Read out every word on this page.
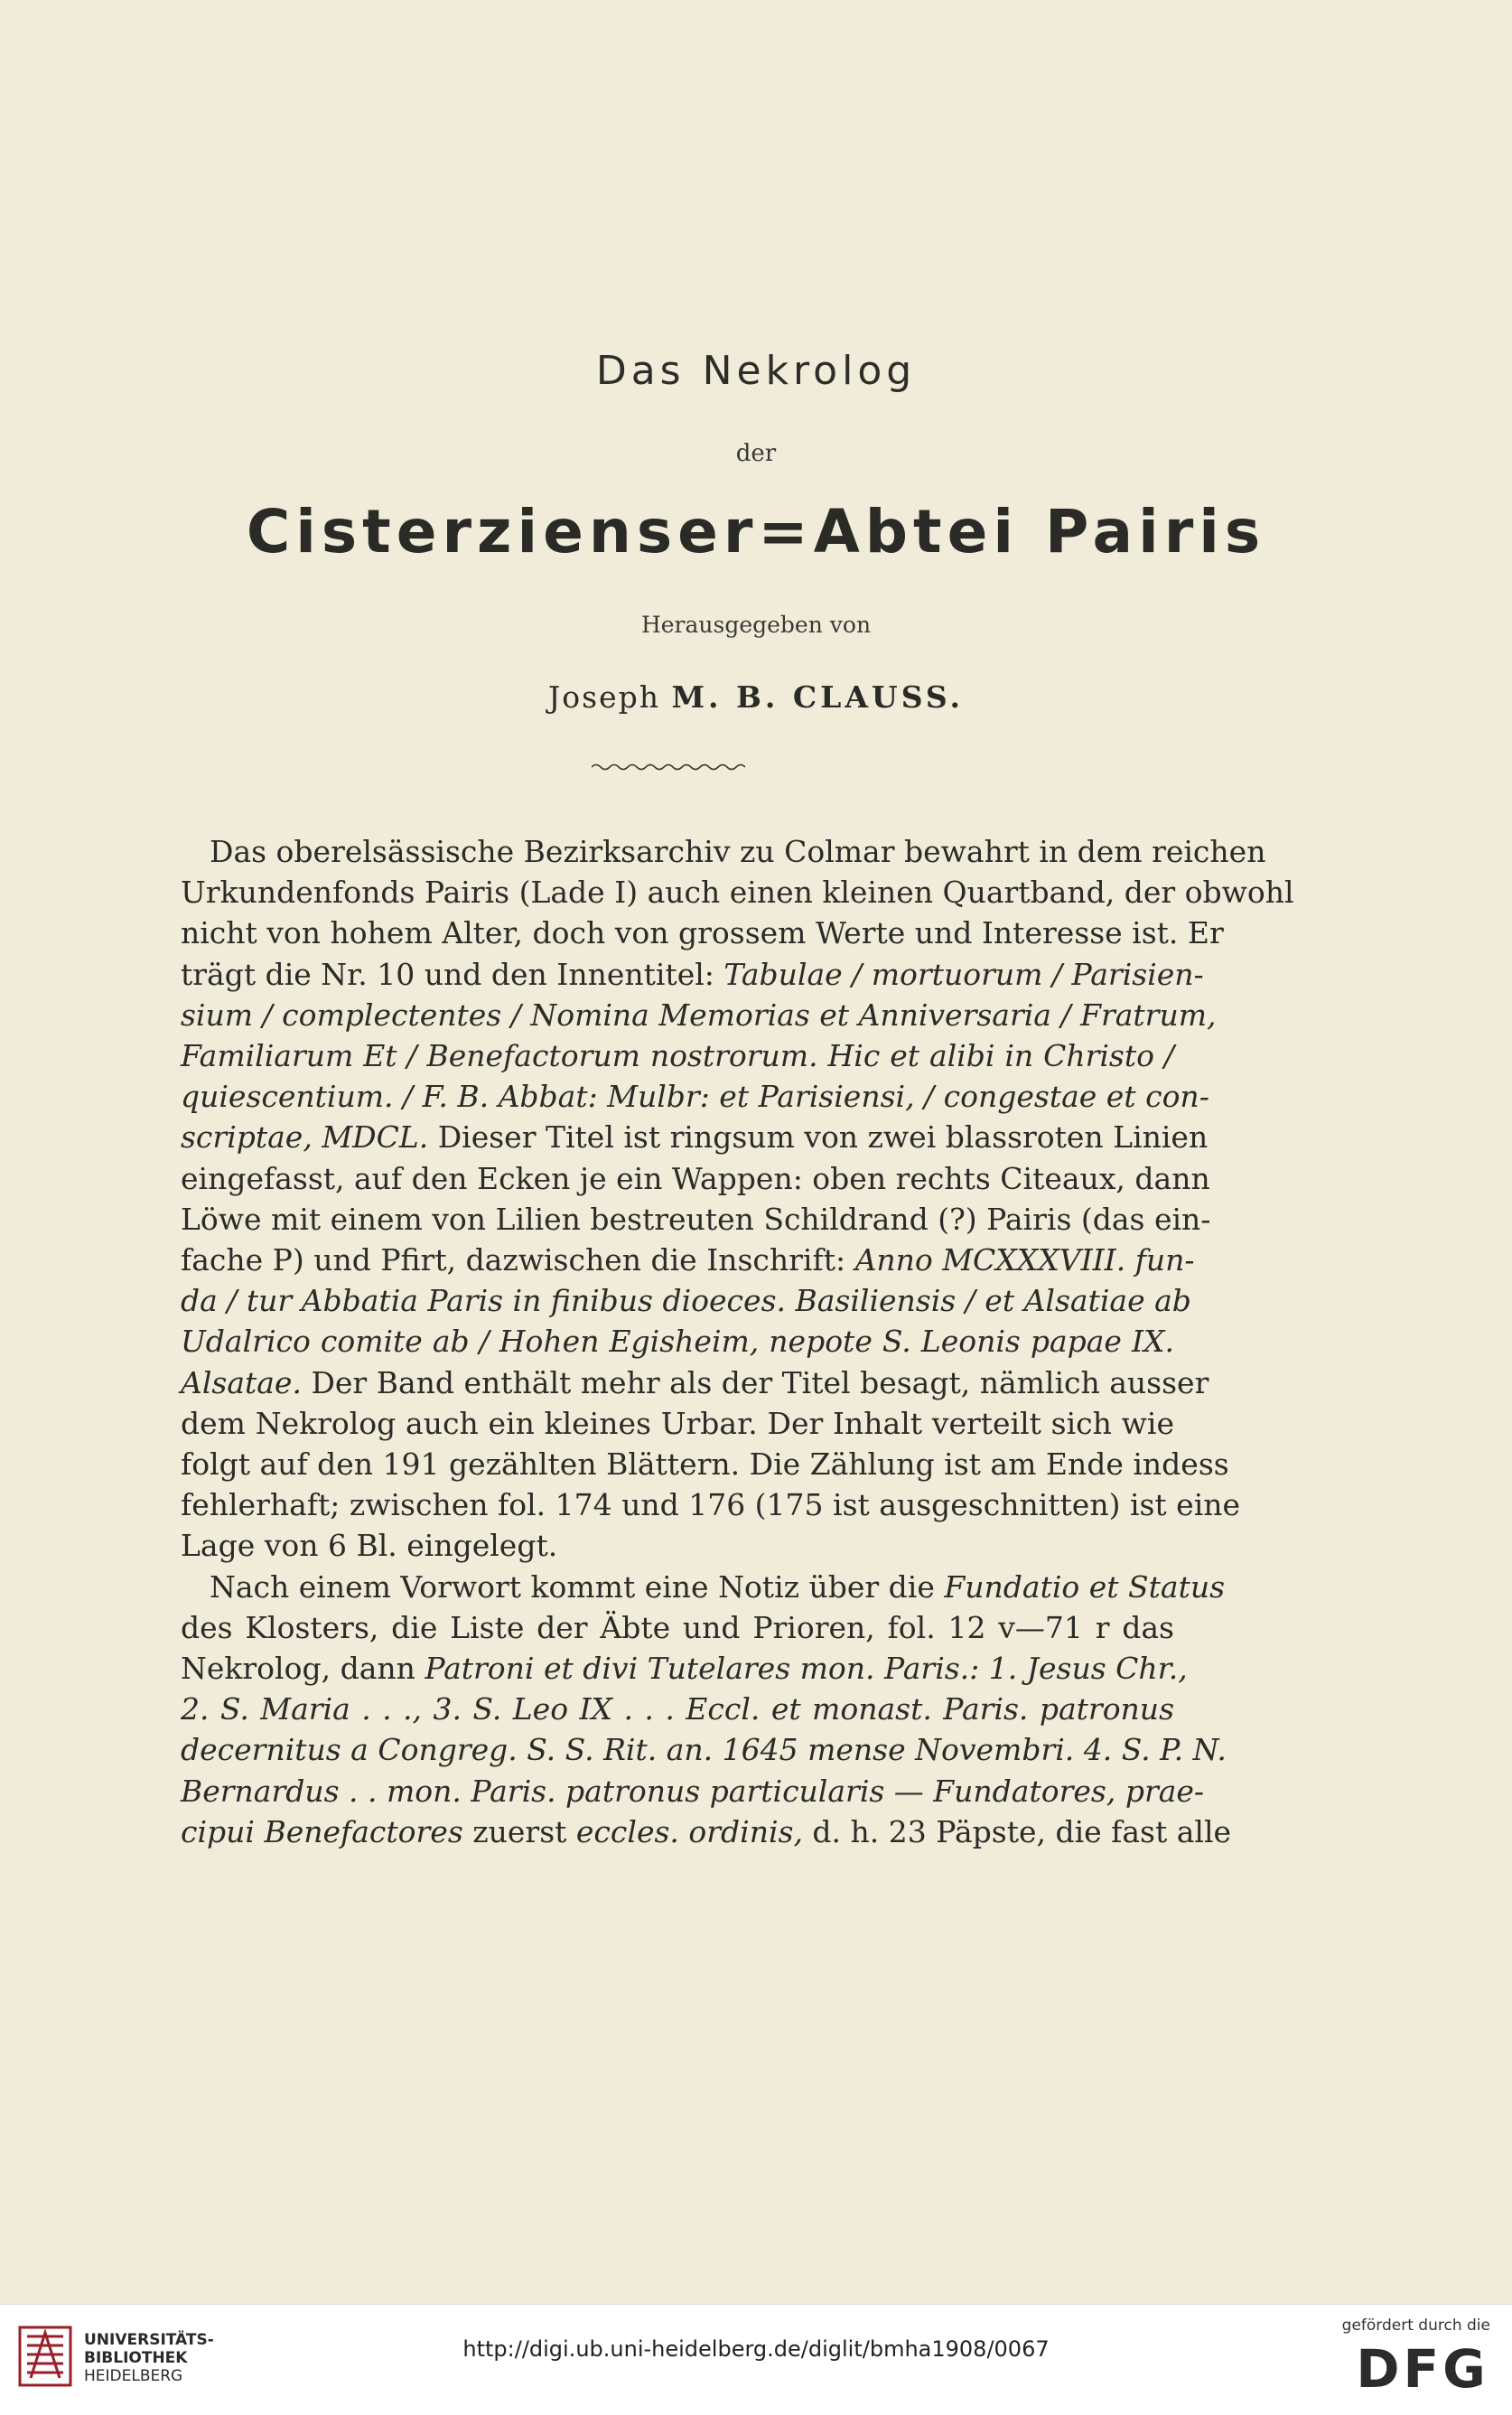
Das Nekrolog
der
Cisterzienser=Abtei Pairis
Herausgegeben von
Joseph M. B. CLAUSS.
Das oberelsässische Bezirksarchiv zu Colmar bewahrt in dem reichen
Urkundenfonds Pairis (Lade I) auch einen kleinen Quartband, der obwohl
nicht von hohem Alter, doch von grossem Werte und Interesse ist. Er
trägt die Nr. 10 und den Innentitel: Tabulae / mortuorum / Parisien-
sium / complectentes / Nomina Memorias et Anniversaria / Fratrum,
Familiarum Et / Benefactorum nostrorum. Hic et alibi in Christo /
quiescentium. / F. B. Abbat: Mulbr: et Parisiensi, / congestae et con-
scriptae, MDCL. Dieser Titel ist ringsum von zwei blassroten Linien
eingefasst, auf den Ecken je ein Wappen: oben rechts Citeaux, dann
Löwe mit einem von Lilien bestreuten Schildrand (?) Pairis (das ein-
fache P) und Pfirt, dazwischen die Inschrift: Anno MCXXXVIII. fun-
da / tur Abbatia Paris in finibus dioeces. Basiliensis / et Alsatiae ab
Udalrico comite ab / Hohen Egisheim, nepote S. Leonis papae IX.
Alsatae. Der Band enthält mehr als der Titel besagt, nämlich ausser
dem Nekrolog auch ein kleines Urbar. Der Inhalt verteilt sich wie
folgt auf den 191 gezählten Blättern. Die Zählung ist am Ende indess
fehlerhaft; zwischen fol. 174 und 176 (175 ist ausgeschnitten) ist eine
Lage von 6 Bl. eingelegt.
Nach einem Vorwort kommt eine Notiz über die Fundatio et Status
des Klosters, die Liste der Äbte und Prioren, fol. 12 v—71 r das
Nekrolog, dann Patroni et divi Tutelares mon. Paris.: 1. Jesus Chr.,
2. S. Maria . . ., 3. S. Leo IX . . . Eccl. et monast. Paris. patronus
decernitus a Congreg. S. S. Rit. an. 1645 mense Novembri. 4. S. P. N.
Bernardus . . mon. Paris. patronus particularis — Fundatores, prae-
cipui Benefactores zuerst eccles. ordinis, d. h. 23 Päpste, die fast alle
UNIVERSITÄTS-
BIBLIOTHEK
HEIDELBERG
http://digi.ub.uni-heidelberg.de/diglit/bmha1908/0067
gefördert durch die
DFG
